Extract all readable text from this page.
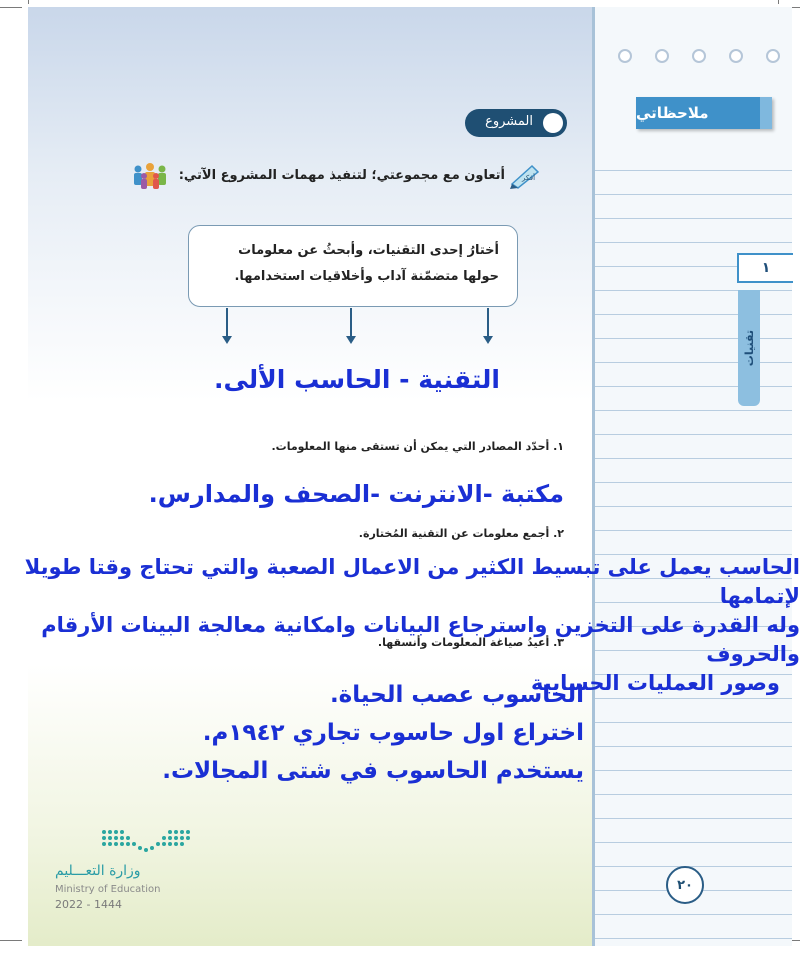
ملاحظاتي
١
تقنيات
المشروع
أفكر
أتعاون مع مجموعتي؛ لتنفيذ مهمات المشروع الآتي:
أختارُ إحدى التقنيات، وأبحثُ عن معلومات
حولها متضمّنة آداب وأخلاقيات استخدامها.
التقنية - الحاسب الألى.
١. أحدّد المصادر التي يمكن أن تستقى منها المعلومات.
مكتبة -الانترنت -الصحف والمدارس.
٢. أجمع معلومات عن التقنية المُختارة.
الحاسب يعمل على تبسيط الكثير من الاعمال الصعبة والتي تحتاج وقتا طويلا لإتمامها
وله القدرة على التخزين واسترجاع البيانات وامكانية معالجة البينات الأرقام والحروف
وصور العمليات الحسابية
٣. أعيدُ صياغة المعلومات وأنسقها.
الحاسوب عصب الحياة.
اختراع اول حاسوب تجاري ١٩٤٢م.
يستخدم الحاسوب في شتى المجالات.
٢٠
وزارة التعـــليم
Ministry of Education
2022 - 1444
